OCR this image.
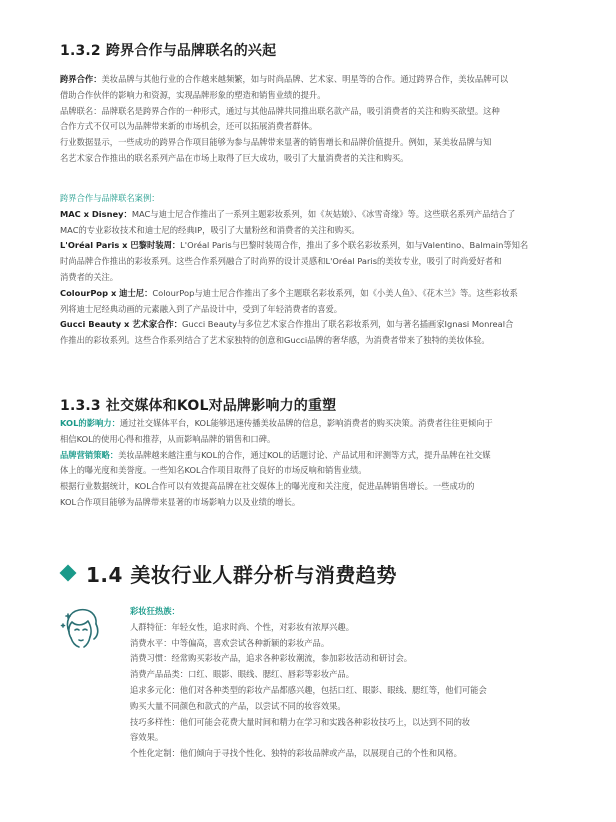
1.3.2 跨界合作与品牌联名的兴起
跨界合作：美妆品牌与其他行业的合作越来越频繁，如与时尚品牌、艺术家、明星等的合作。通过跨界合作，美妆品牌可以
借助合作伙伴的影响力和资源，实现品牌形象的塑造和销售业绩的提升。
品牌联名：品牌联名是跨界合作的一种形式，通过与其他品牌共同推出联名款产品，吸引消费者的关注和购买欲望。这种
合作方式不仅可以为品牌带来新的市场机会，还可以拓展消费者群体。
行业数据显示，一些成功的跨界合作项目能够为参与品牌带来显著的销售增长和品牌价值提升。例如，某美妆品牌与知
名艺术家合作推出的联名系列产品在市场上取得了巨大成功，吸引了大量消费者的关注和购买。
跨界合作与品牌联名案例：
MAC x Disney：MAC与迪士尼合作推出了一系列主题彩妆系列，如《灰姑娘》、《冰雪奇缘》等。这些联名系列产品结合了
MAC的专业彩妆技术和迪士尼的经典IP，吸引了大量粉丝和消费者的关注和购买。
L'Oréal Paris x 巴黎时装周：L'Oréal Paris与巴黎时装周合作，推出了多个联名彩妆系列，如与Valentino、Balmain等知名
时尚品牌合作推出的彩妆系列。这些合作系列融合了时尚界的设计灵感和L'Oréal Paris的美妆专业，吸引了时尚爱好者和
消费者的关注。
ColourPop x 迪士尼：ColourPop与迪士尼合作推出了多个主题联名彩妆系列，如《小美人鱼》、《花木兰》等。这些彩妆系
列将迪士尼经典动画的元素融入到了产品设计中，受到了年轻消费者的喜爱。
Gucci Beauty x 艺术家合作：Gucci Beauty与多位艺术家合作推出了联名彩妆系列，如与著名插画家Ignasi Monreal合
作推出的彩妆系列。这些合作系列结合了艺术家独特的创意和Gucci品牌的奢华感，为消费者带来了独特的美妆体验。
1.3.3 社交媒体和KOL对品牌影响力的重塑
KOL的影响力：通过社交媒体平台，KOL能够迅速传播美妆品牌的信息，影响消费者的购买决策。消费者往往更倾向于
相信KOL的使用心得和推荐，从而影响品牌的销售和口碑。
品牌营销策略：美妆品牌越来越注重与KOL的合作，通过KOL的话题讨论、产品试用和评测等方式，提升品牌在社交媒
体上的曝光度和美誉度。一些知名KOL合作项目取得了良好的市场反响和销售业绩。
根据行业数据统计，KOL合作可以有效提高品牌在社交媒体上的曝光度和关注度，促进品牌销售增长。一些成功的
KOL合作项目能够为品牌带来显著的市场影响力以及业绩的增长。
1.4 美妆行业人群分析与消费趋势
彩妆狂热族：
人群特征：年轻女性，追求时尚、个性，对彩妆有浓厚兴趣。
消费水平：中等偏高，喜欢尝试各种新颖的彩妆产品。
消费习惯：经常购买彩妆产品，追求各种彩妆潮流，参加彩妆活动和研讨会。
消费产品品类：口红、眼影、眼线、腮红、唇彩等彩妆产品。
追求多元化：他们对各种类型的彩妆产品都感兴趣，包括口红、眼影、眼线、腮红等，他们可能会
购买大量不同颜色和款式的产品，以尝试不同的妆容效果。
技巧多样性：他们可能会花费大量时间和精力在学习和实践各种彩妆技巧上，以达到不同的妆
容效果。
个性化定制：他们倾向于寻找个性化、独特的彩妆品牌或产品，以展现自己的个性和风格。
